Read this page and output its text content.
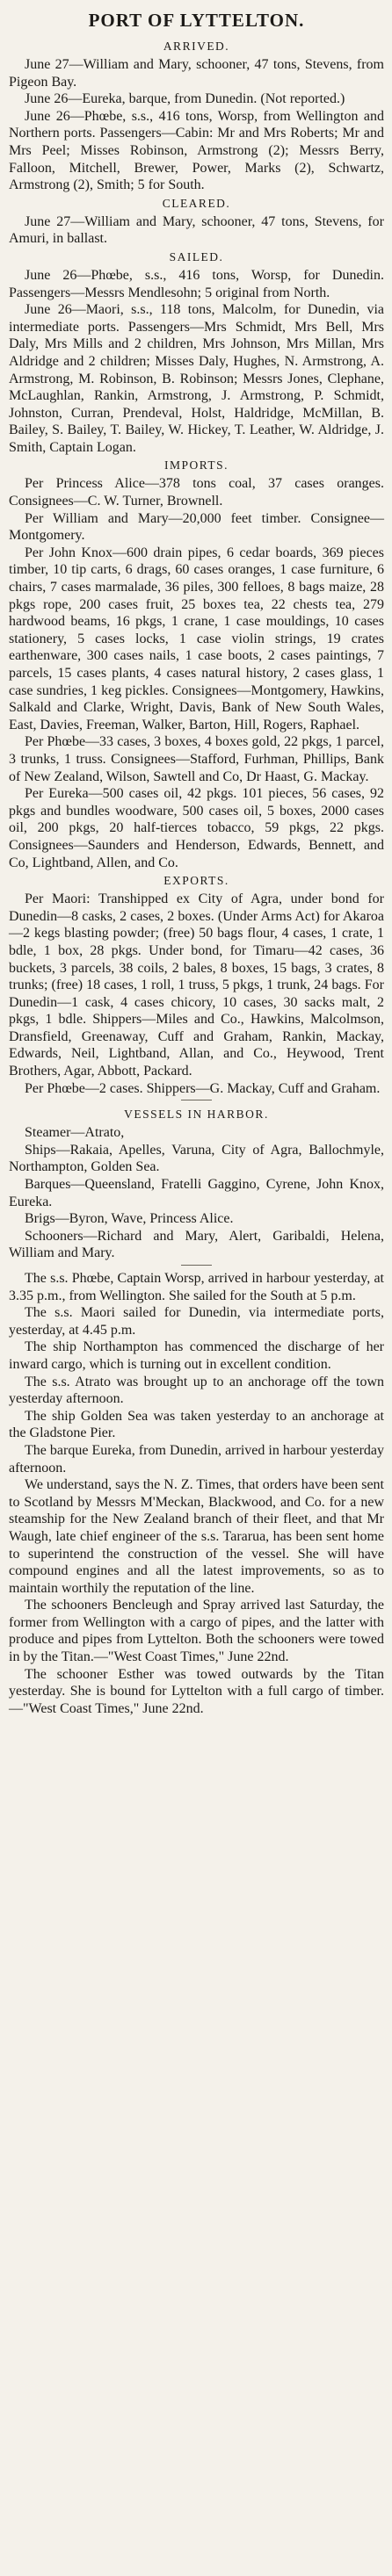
PORT OF LYTTELTON.
ARRIVED.

June 27—William and Mary, schooner, 47 tons, Stevens, from Pigeon Bay.

June 26—Eureka, barque, from Dunedin. (Not reported.)

June 26—Phœbe, s.s., 416 tons, Worsp, from Wellington and Northern ports. Passengers—Cabin: Mr and Mrs Roberts; Mr and Mrs Peel; Misses Robinson, Armstrong (2); Messrs Berry, Falloon, Mitchell, Brewer, Power, Marks (2), Schwartz, Armstrong (2), Smith; 5 for South.

CLEARED.

June 27—William and Mary, schooner, 47 tons, Stevens, for Amuri, in ballast.

SAILED.

June 26—Phœbe, s.s., 416 tons, Worsp, for Dunedin. Passengers—Messrs Mendlesohn; 5 original from North.

June 26—Maori, s.s., 118 tons, Malcolm, for Dunedin, via intermediate ports. Passengers—Mrs Schmidt, Mrs Bell, Mrs Daly, Mrs Mills and 2 children, Mrs Johnson, Mrs Millan, Mrs Aldridge and 2 children; Misses Daly, Hughes, N. Armstrong, A. Armstrong, M. Robinson, B. Robinson; Messrs Jones, Clephane, McLaughlan, Rankin, Armstrong, J. Armstrong, P. Schmidt, Johnston, Curran, Prendeval, Holst, Haldridge, McMillan, B. Bailey, S. Bailey, T. Bailey, W. Hickey, T. Leather, W. Aldridge, J. Smith, Captain Logan.

IMPORTS.

Per Princess Alice—378 tons coal, 37 cases oranges. Consignees—C. W. Turner, Brownell.

Per William and Mary—20,000 feet timber. Consignee—Montgomery.

Per John Knox—600 drain pipes, 6 cedar boards, 369 pieces timber, 10 tip carts, 6 drags, 60 cases oranges, 1 case furniture, 6 chairs, 7 cases marmalade, 36 piles, 300 felloes, 8 bags maize, 28 pkgs rope, 200 cases fruit, 25 boxes tea, 22 chests tea, 279 hardwood beams, 16 pkgs, 1 crane, 1 case mouldings, 10 cases stationery, 5 cases locks, 1 case violin strings, 19 crates earthenware, 300 cases nails, 1 case boots, 2 cases paintings, 7 parcels, 15 cases plants, 4 cases natural history, 2 cases glass, 1 case sundries, 1 keg pickles. Consignees—Montgomery, Hawkins, Salkald and Clarke, Wright, Davis, Bank of New South Wales, East, Davies, Freeman, Walker, Barton, Hill, Rogers, Raphael.

Per Phœbe—33 cases, 3 boxes, 4 boxes gold, 22 pkgs, 1 parcel, 3 trunks, 1 truss. Consignees—Stafford, Furhman, Phillips, Bank of New Zealand, Wilson, Sawtell and Co, Dr Haast, G. Mackay.

Per Eureka—500 cases oil, 42 pkgs. 101 pieces, 56 cases, 92 pkgs and bundles woodware, 500 cases oil, 5 boxes, 2000 cases oil, 200 pkgs, 20 half-tierces tobacco, 59 pkgs, 22 pkgs. Consignees—Saunders and Henderson, Edwards, Bennett, and Co, Lightband, Allen, and Co.

EXPORTS.

Per Maori: Transhipped ex City of Agra, under bond for Dunedin—8 casks, 2 cases, 2 boxes. (Under Arms Act) for Akaroa—2 kegs blasting powder; (free) 50 bags flour, 4 cases, 1 crate, 1 bdle, 1 box, 28 pkgs. Under bond, for Timaru—42 cases, 36 buckets, 3 parcels, 38 coils, 2 bales, 8 boxes, 15 bags, 3 crates, 8 trunks; (free) 18 cases, 1 roll, 1 truss, 5 pkgs, 1 trunk, 24 bags. For Dunedin—1 cask, 4 cases chicory, 10 cases, 30 sacks malt, 2 pkgs, 1 bdle. Shippers—Miles and Co., Hawkins, Malcolmson, Dransfield, Greenaway, Cuff and Graham, Rankin, Mackay, Edwards, Neil, Lightband, Allan, and Co., Heywood, Trent Brothers, Agar, Abbott, Packard.

Per Phœbe—2 cases. Shippers—G. Mackay, Cuff and Graham.

VESSELS IN HARBOR.

Steamer—Atrato,

Ships—Rakaia, Apelles, Varuna, City of Agra, Ballochmyle, Northampton, Golden Sea.

Barques—Queensland, Fratelli Gaggino, Cyrene, John Knox, Eureka.

Brigs—Byron, Wave, Princess Alice.

Schooners—Richard and Mary, Alert, Garibaldi, Helena, William and Mary.

The s.s. Phœbe, Captain Worsp, arrived in harbour yesterday, at 3.35 p.m., from Wellington. She sailed for the South at 5 p.m.

The s.s. Maori sailed for Dunedin, via intermediate ports, yesterday, at 4.45 p.m.

The ship Northampton has commenced the discharge of her inward cargo, which is turning out in excellent condition.

The s.s. Atrato was brought up to an anchorage off the town yesterday afternoon.

The ship Golden Sea was taken yesterday to an anchorage at the Gladstone Pier.

The barque Eureka, from Dunedin, arrived in harbour yesterday afternoon.

We understand, says the N. Z. Times, that orders have been sent to Scotland by Messrs M'Meckan, Blackwood, and Co. for a new steamship for the New Zealand branch of their fleet, and that Mr Waugh, late chief engineer of the s.s. Tararua, has been sent home to superintend the construction of the vessel. She will have compound engines and all the latest improvements, so as to maintain worthily the reputation of the line.

The schooners Bencleugh and Spray arrived last Saturday, the former from Wellington with a cargo of pipes, and the latter with produce and pipes from Lyttelton. Both the schooners were towed in by the Titan.—"West Coast Times," June 22nd.

The schooner Esther was towed outwards by the Titan yesterday. She is bound for Lyttelton with a full cargo of timber.—"West Coast Times," June 22nd.
